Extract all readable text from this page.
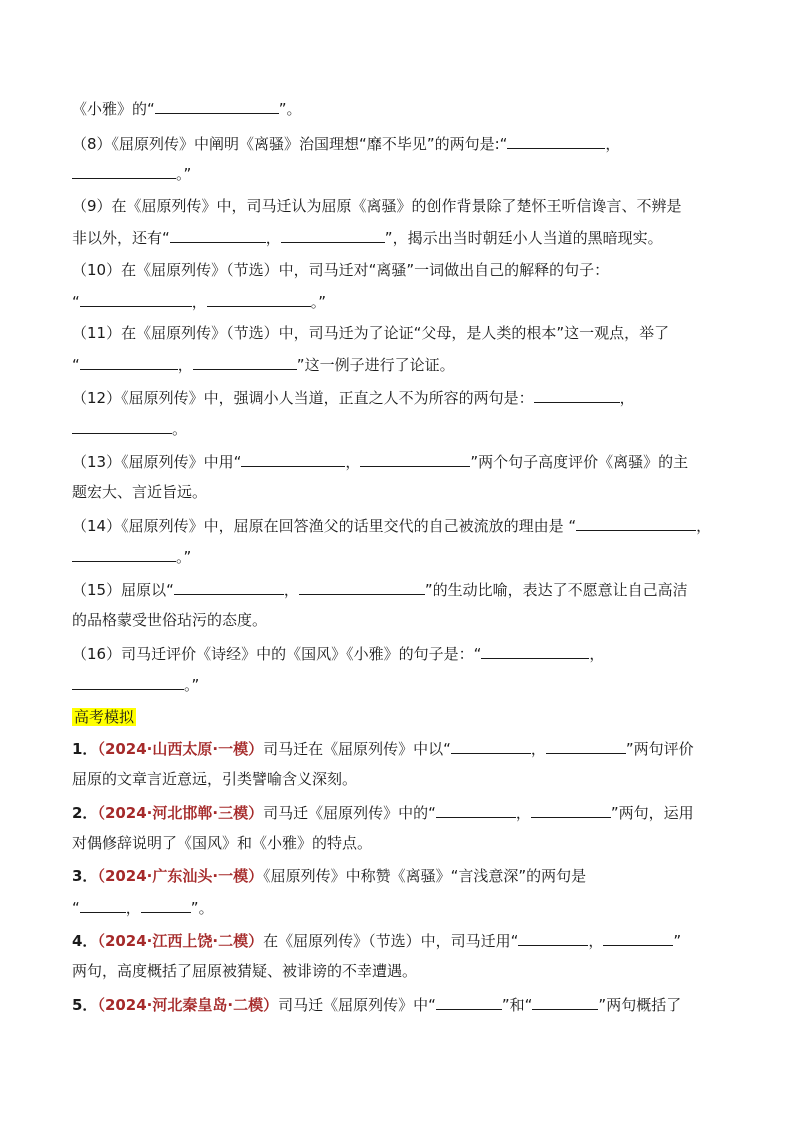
《小雅》的“	”。
（8）《屈原列传》中阐明《离骚》治国理想“靡不毕见”的两句是:“	，
。”
（9）在《屈原列传》中，司马迁认为屈原《离骚》的创作背景除了楚怀王听信谗言、不辨是
非以外，还有“	，	”，揭示出当时朝廷小人当道的黑暗现实。
（10）在《屈原列传》（节选）中，司马迁对“离骚”一词做出自己的解释的句子：
“	，	。”
（11）在《屈原列传》（节选）中，司马迁为了论证“父母，是人类的根本”这一观点，举了
“	，	”这一例子进行了论证。
（12）《屈原列传》中，强调小人当道，正直之人不为所容的两句是：	，
。
（13）《屈原列传》中用“	，	”两个句子高度评价《离骚》的主
题宏大、言近旨远。
（14）《屈原列传》中，屈原在回答渔父的话里交代的自己被流放的理由是 “	，
。”
（15）屈原以“	，	”的生动比喻，表达了不愿意让自己高洁
的品格蒙受世俗玷污的态度。
（16）司马迁评价《诗经》中的《国风》《小雅》的句子是：“	，
。”
高考模拟
1．（2024·山西太原·一模）司马迁在《屈原列传》中以“	，	”两句评价
屈原的文章言近意远，引类譬喻含义深刻。
2．（2024·河北邯郸·三模）司马迁《屈原列传》中的“	，	”两句，运用
对偶修辞说明了《国风》和《小雅》的特点。
3．（2024·广东汕头·一模）《屈原列传》中称赞《离骚》“言浅意深”的两句是
“	，	”。
4．（2024·江西上饶·二模）在《屈原列传》（节选）中，司马迁用“	，	”
两句，高度概括了屈原被猜疑、被诽谤的不幸遭遇。
5．（2024·河北秦皇岛·二模）司马迁《屈原列传》中“	”和“	”两句概括了
